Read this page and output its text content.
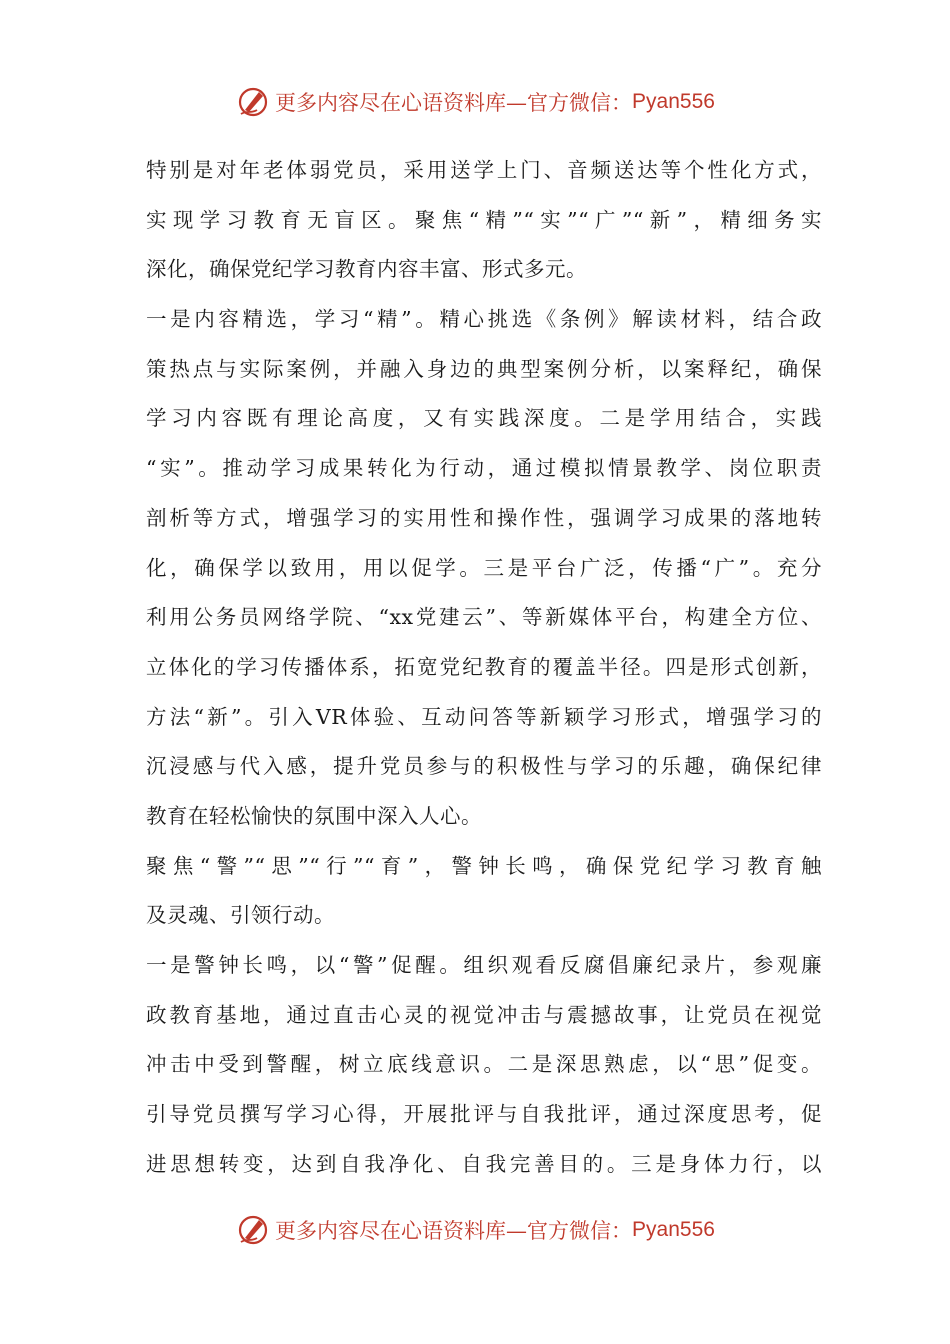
更多内容尽在心语资料库—官方微信： Pyan556
特别是对年老体弱党员，采用送学上门、音频送达等个性化方式，
实现学习教育无盲区。聚焦“精”“实”“广”“新”，精细务实
深化，确保党纪学习教育内容丰富、形式多元。
一是内容精选，学习“精”。精心挑选《条例》解读材料，结合政
策热点与实际案例，并融入身边的典型案例分析，以案释纪，确保
学习内容既有理论高度，又有实践深度。二是学用结合，实践
“实”。推动学习成果转化为行动，通过模拟情景教学、岗位职责
剖析等方式，增强学习的实用性和操作性，强调学习成果的落地转
化，确保学以致用，用以促学。三是平台广泛，传播“广”。充分
利用公务员网络学院、“xx党建云”、等新媒体平台，构建全方位、
立体化的学习传播体系，拓宽党纪教育的覆盖半径。四是形式创新，
方法“新”。引入VR体验、互动问答等新颖学习形式，增强学习的
沉浸感与代入感，提升党员参与的积极性与学习的乐趣，确保纪律
教育在轻松愉快的氛围中深入人心。
聚焦“警”“思”“行”“育”，警钟长鸣，确保党纪学习教育触
及灵魂、引领行动。
一是警钟长鸣，以“警”促醒。组织观看反腐倡廉纪录片，参观廉
政教育基地，通过直击心灵的视觉冲击与震撼故事，让党员在视觉
冲击中受到警醒，树立底线意识。二是深思熟虑，以“思”促变。
引导党员撰写学习心得，开展批评与自我批评，通过深度思考，促
进思想转变，达到自我净化、自我完善目的。三是身体力行，以
更多内容尽在心语资料库—官方微信： Pyan556
